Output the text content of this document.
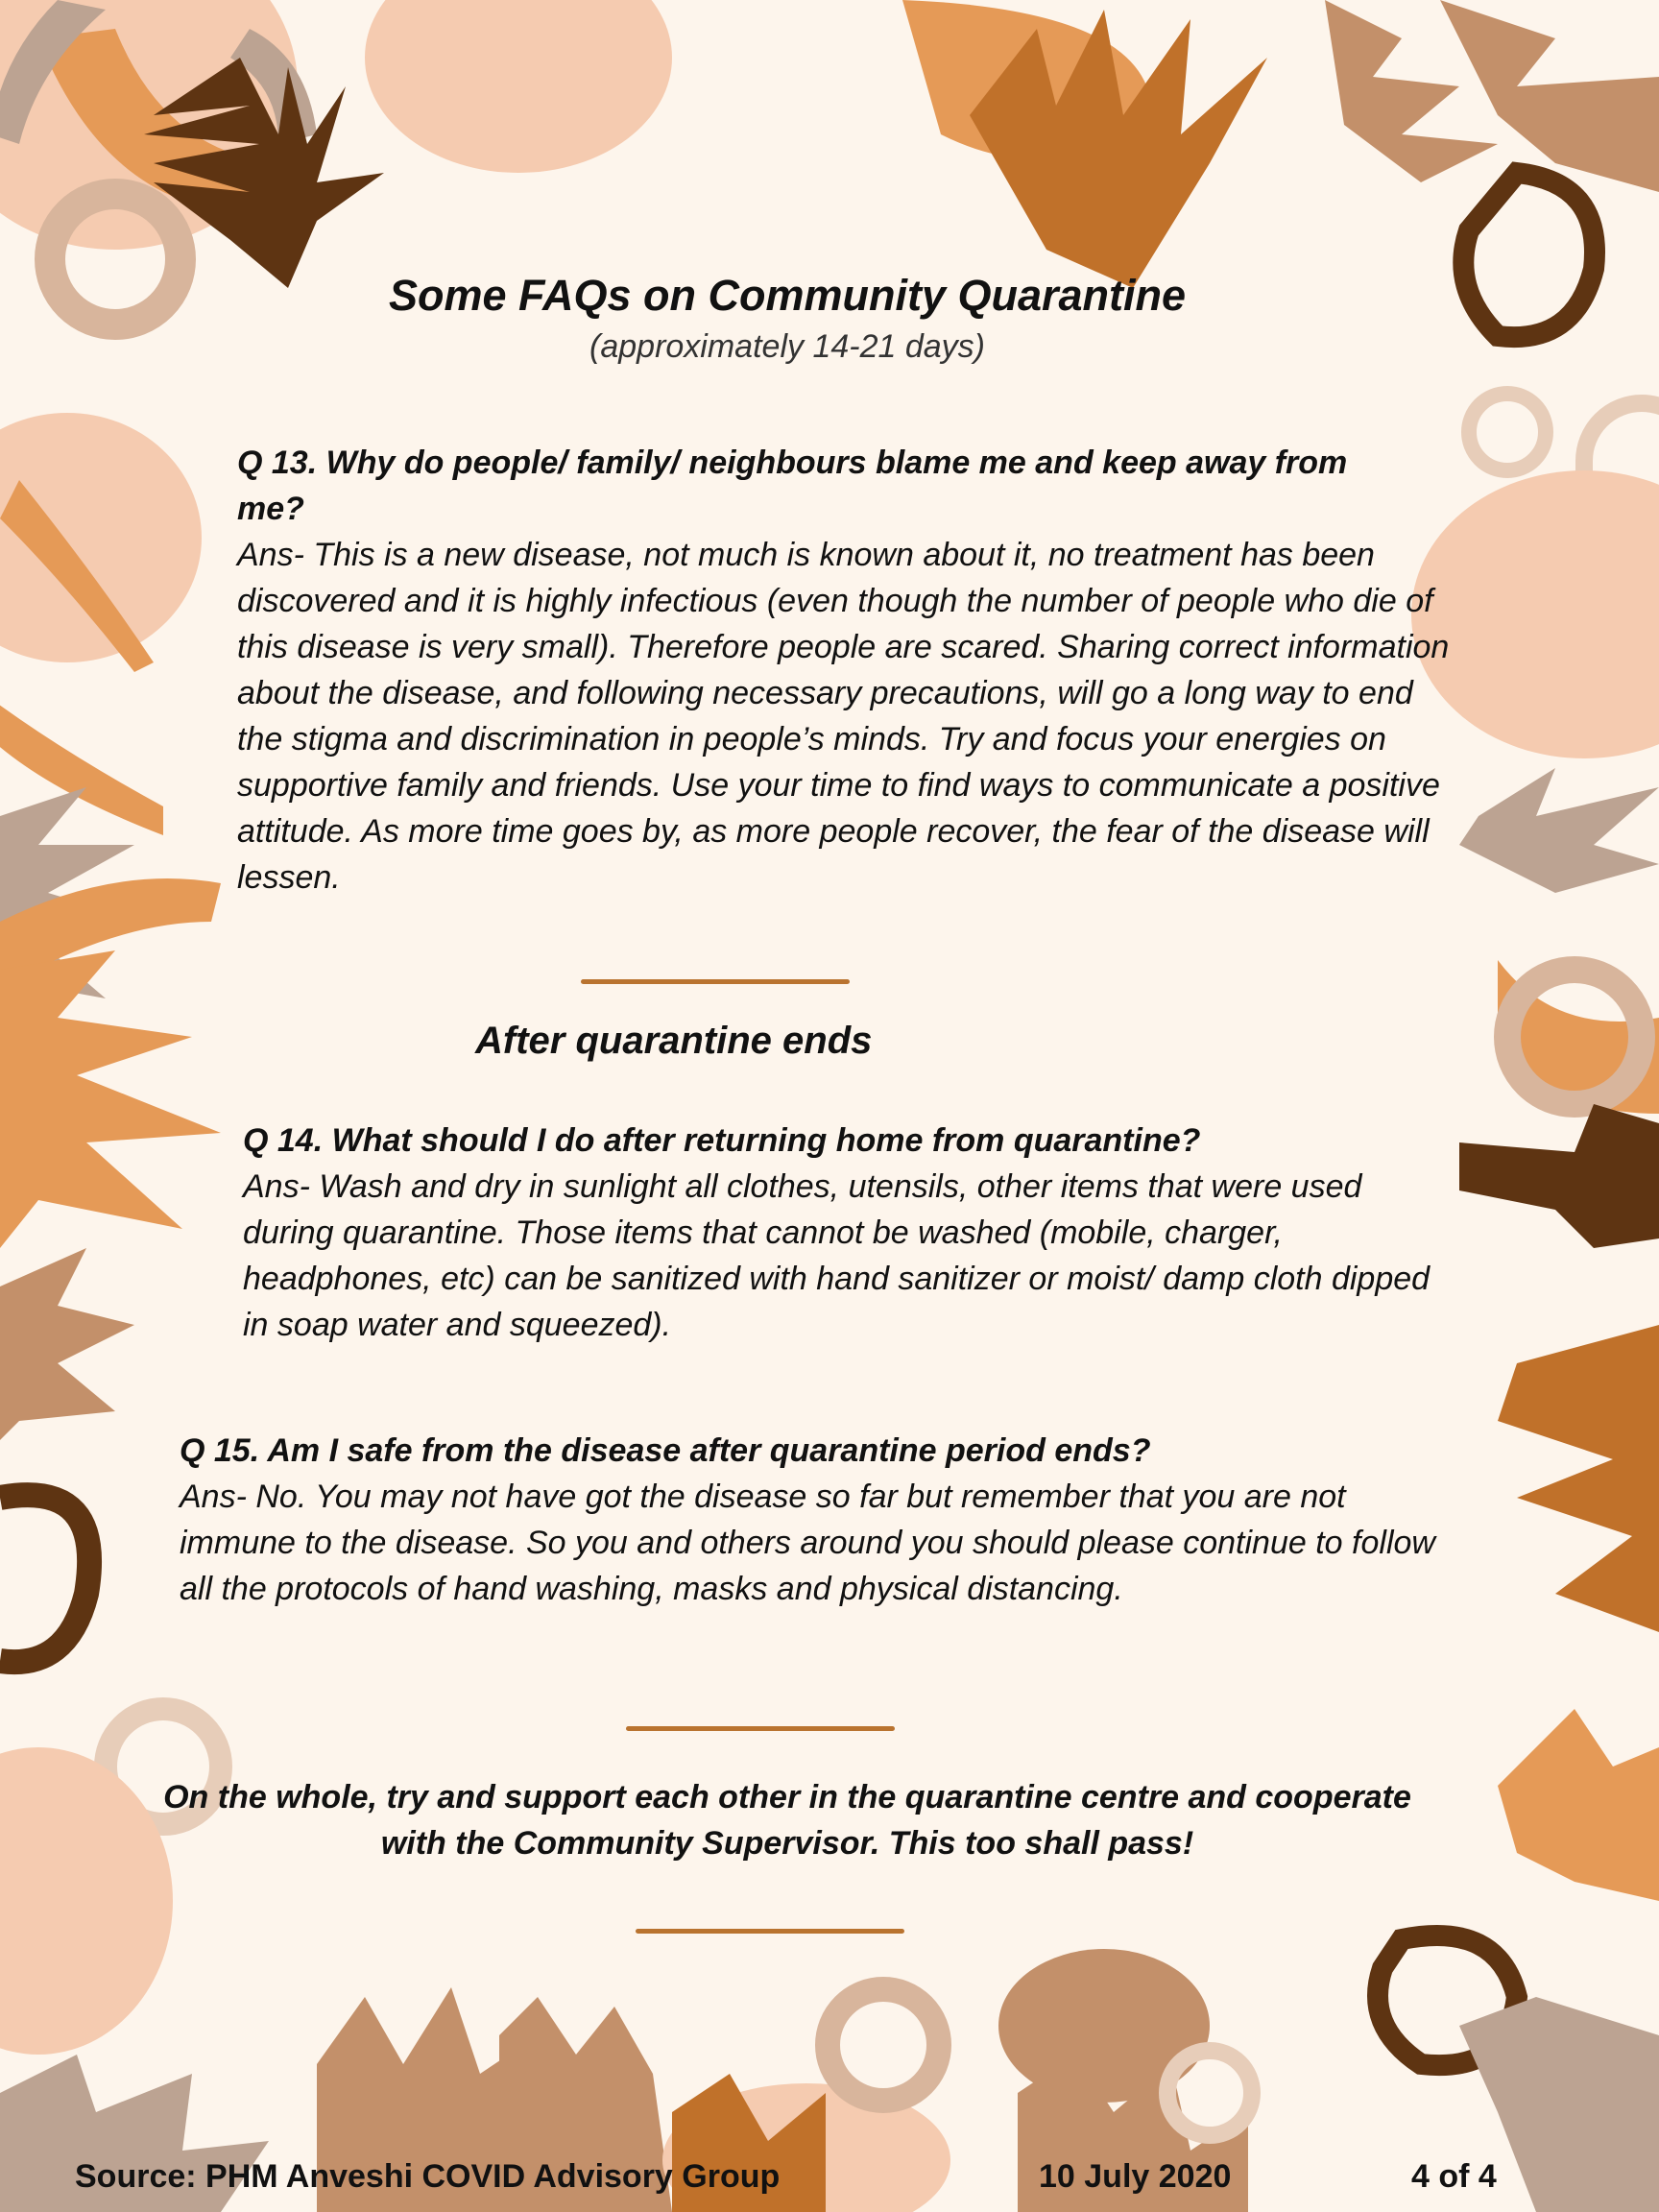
Some FAQs on Community Quarantine
(approximately 14-21 days)
Q 13. Why do people/ family/ neighbours blame me and keep away from me?
Ans- This is a new disease, not much is known about it, no treatment has been discovered and it is highly infectious (even though the number of people who die of this disease is very small). Therefore people are scared. Sharing correct information about the disease, and following necessary precautions, will go a long way to end the stigma and discrimination in people’s minds. Try and focus your energies on supportive family and friends. Use your time to find ways to communicate a positive attitude. As more time goes by, as more people recover, the fear of the disease will lessen.
After quarantine ends
Q 14. What should I do after returning home from quarantine?
Ans- Wash and dry in sunlight all clothes, utensils, other items that were used during quarantine. Those items that cannot be washed (mobile, charger, headphones, etc) can be sanitized with hand sanitizer or moist/ damp cloth dipped in soap water and squeezed).
Q 15. Am I safe from the disease after quarantine period ends?
Ans- No. You may not have got the disease so far but remember that you are not immune to the disease. So you and others around you should please continue to follow all the protocols of hand washing, masks and physical distancing.
On the whole, try and support each other in the quarantine centre and cooperate with the Community Supervisor. This too shall pass!
Source: PHM Anveshi COVID Advisory Group	10 July 2020	4 of 4
